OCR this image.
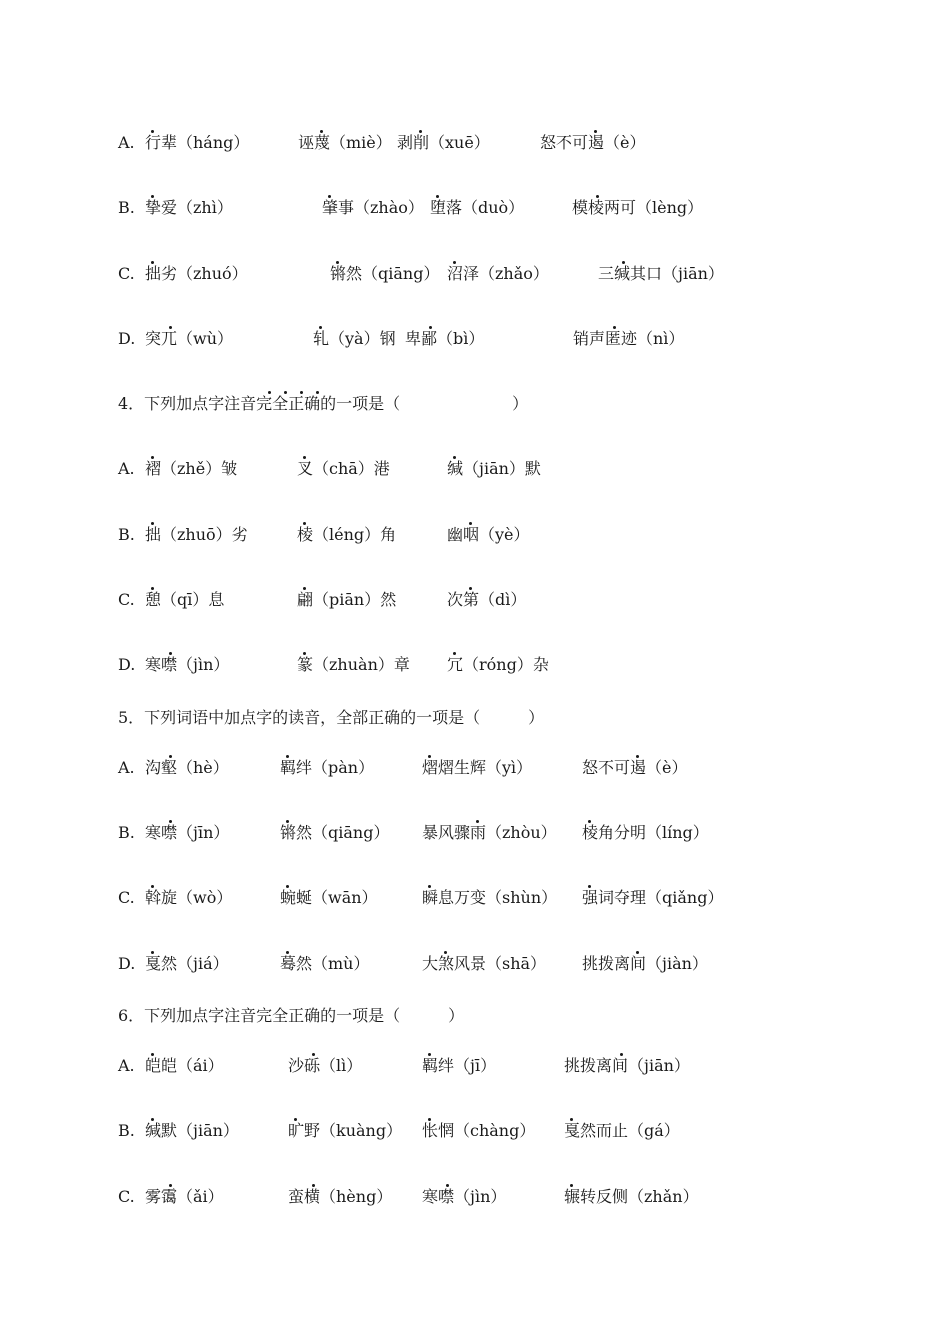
A. 行辈（háng）	诬蔑（miè） 剥削（xuē）	怒不可遏（è）
B. 挚爱（zhì）	肇事（zhào） 堕落（duò）	模棱两可（lèng）
C. 拙劣（zhuó）	锵然（qiāng） 沼泽（zhǎo）	三缄其口（jiān）
D. 突兀（wù）	轧（yà）钢 卑鄙（bì）	销声匿迹（nì）
4．下列加点字注音完全正确的一项是（　　　　　　　）
A. 褶（zhě）皱	叉（chā）港	缄（jiān）默
B. 拙（zhuō）劣	棱（léng）角	幽咽（yè）
C. 憩（qī）息	翩（piān）然	次第（dì）
D. 寒噤（jìn）	篆（zhuàn）章 冗（róng）杂
5．下列词语中加点字的读音，全部正确的一项是（　　　）
A. 沟壑（hè）	羁绊（pàn）	熠熠生辉（yì）	怒不可遏（è）
B. 寒噤（jīn）	锵然（qiāng） 暴风骤雨（zhòu） 棱角分明（líng）
C. 斡旋（wò）	蜿蜒（wān）	瞬息万变（shùn） 强词夺理（qiǎng）
D. 戛然（jiá）	蓦然（mù）	大煞风景（shā） 挑拨离间（jiàn）
6．下列加点字注音完全正确的一项是（　　　）
A. 皑皑（ái）	沙砾（lì）	羁绊（jī）	挑拨离间（jiān）
B. 缄默（jiān）	旷野（kuàng） 怅惘（chàng） 戛然而止（gá）
C. 雾霭（ǎi）	蛮横（hèng） 寒噤（jìn）	辗转反侧（zhǎn）
